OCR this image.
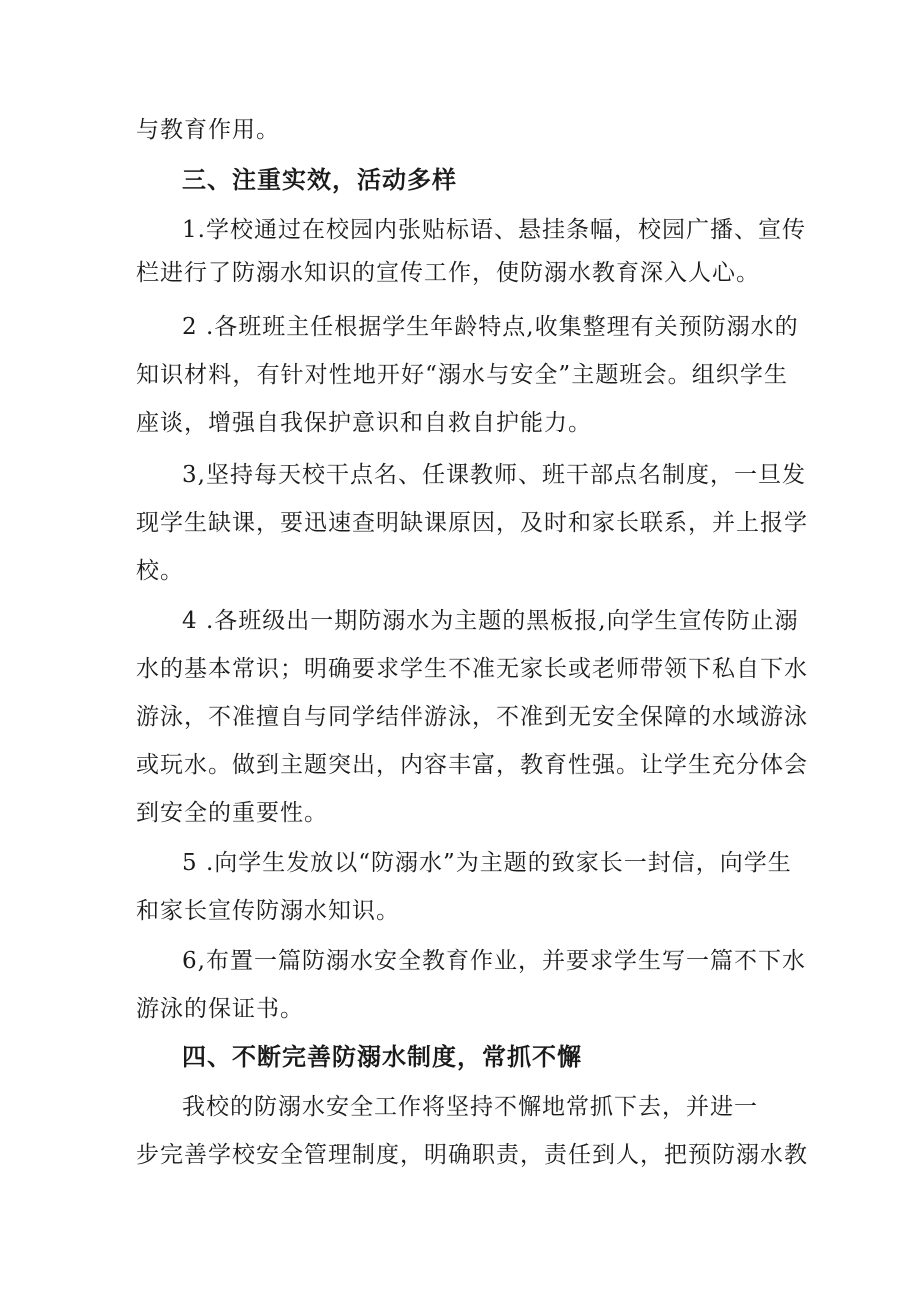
与教育作用。
三、注重实效，活动多样
1.学校通过在校园内张贴标语、悬挂条幅，校园广播、宣传
栏进行了防溺水知识的宣传工作，使防溺水教育深入人心。
2 .各班班主任根据学生年龄特点,收集整理有关预防溺水的
知识材料，有针对性地开好“溺水与安全”主题班会。组织学生
座谈，增强自我保护意识和自救自护能力。
3,坚持每天校干点名、任课教师、班干部点名制度，一旦发
现学生缺课，要迅速查明缺课原因，及时和家长联系，并上报学
校。
4 .各班级出一期防溺水为主题的黑板报,向学生宣传防止溺
水的基本常识；明确要求学生不准无家长或老师带领下私自下水
游泳，不准擅自与同学结伴游泳，不准到无安全保障的水域游泳
或玩水。做到主题突出，内容丰富，教育性强。让学生充分体会
到安全的重要性。
5 .向学生发放以“防溺水”为主题的致家长一封信，向学生
和家长宣传防溺水知识。
6,布置一篇防溺水安全教育作业，并要求学生写一篇不下水
游泳的保证书。
四、不断完善防溺水制度，常抓不懈
我校的防溺水安全工作将坚持不懈地常抓下去，并进一
步完善学校安全管理制度，明确职责，责任到人，把预防溺水教
